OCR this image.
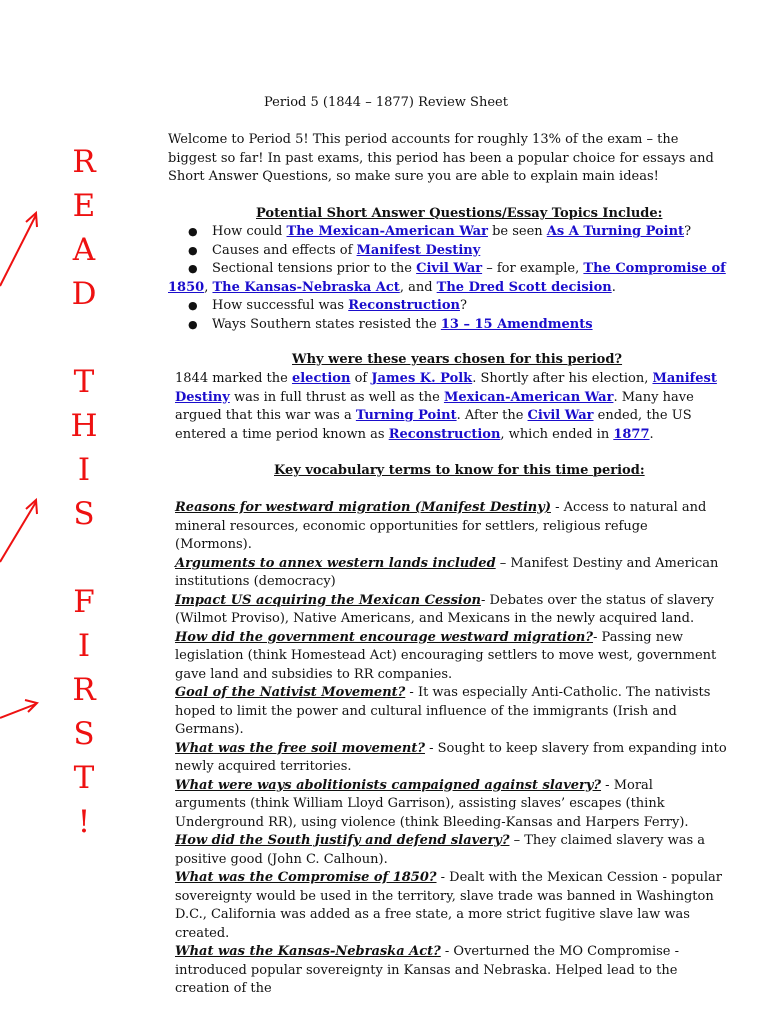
R
E
A
D
T
H
I
S
F
I
R
S
T
!
Period 5 (1844 – 1877) Review Sheet
Welcome to Period 5! This period accounts for roughly 13% of the exam – the biggest so far! In past exams, this period has been a popular choice for essays and Short Answer Questions, so make sure you are able to explain main ideas!
Potential Short Answer Questions/Essay Topics Include:
● How could The Mexican-American War be seen As A Turning Point?
● Causes and effects of Manifest Destiny
● Sectional tensions prior to the Civil War – for example, The Compromise of
1850, The Kansas-Nebraska Act, and The Dred Scott decision.
● How successful was Reconstruction?
● Ways Southern states resisted the 13 – 15 Amendments
Why were these years chosen for this period?
1844 marked the election of James K. Polk. Shortly after his election, Manifest
Destiny was in full thrust as well as the Mexican-American War. Many have argued that this war was a Turning Point. After the Civil War ended, the US entered a time period known as Reconstruction, which ended in 1877.
Key vocabulary terms to know for this time period:

Reasons for westward migration (Manifest Destiny) - Access to natural and mineral resources, economic opportunities for settlers, religious refuge (Mormons).

Arguments to annex western lands included – Manifest Destiny and American institutions (democracy)

Impact US acquiring the Mexican Cession- Debates over the status of slavery (Wilmot Proviso), Native Americans, and Mexicans in the newly acquired land.

How did the government encourage westward migration?- Passing new legislation (think Homestead Act) encouraging settlers to move west, government gave land and subsidies to RR companies.

Goal of the Nativist Movement? - It was especially Anti-Catholic. The nativists hoped to limit the power and cultural influence of the immigrants (Irish and Germans).

What was the free soil movement? - Sought to keep slavery from expanding into newly acquired territories.

What were ways abolitionists campaigned against slavery? - Moral arguments (think William Lloyd Garrison), assisting slaves’ escapes (think Underground RR), using violence (think Bleeding-Kansas and Harpers Ferry).

How did the South justify and defend slavery? – They claimed slavery was a positive good (John C. Calhoun).

What was the Compromise of 1850? - Dealt with the Mexican Cession - popular sovereignty would be used in the territory, slave trade was banned in Washington D.C., California was added as a free state, a more strict fugitive slave law was created.

What was the Kansas-Nebraska Act? - Overturned the MO Compromise - introduced popular sovereignty in Kansas and Nebraska. Helped lead to the creation of the
